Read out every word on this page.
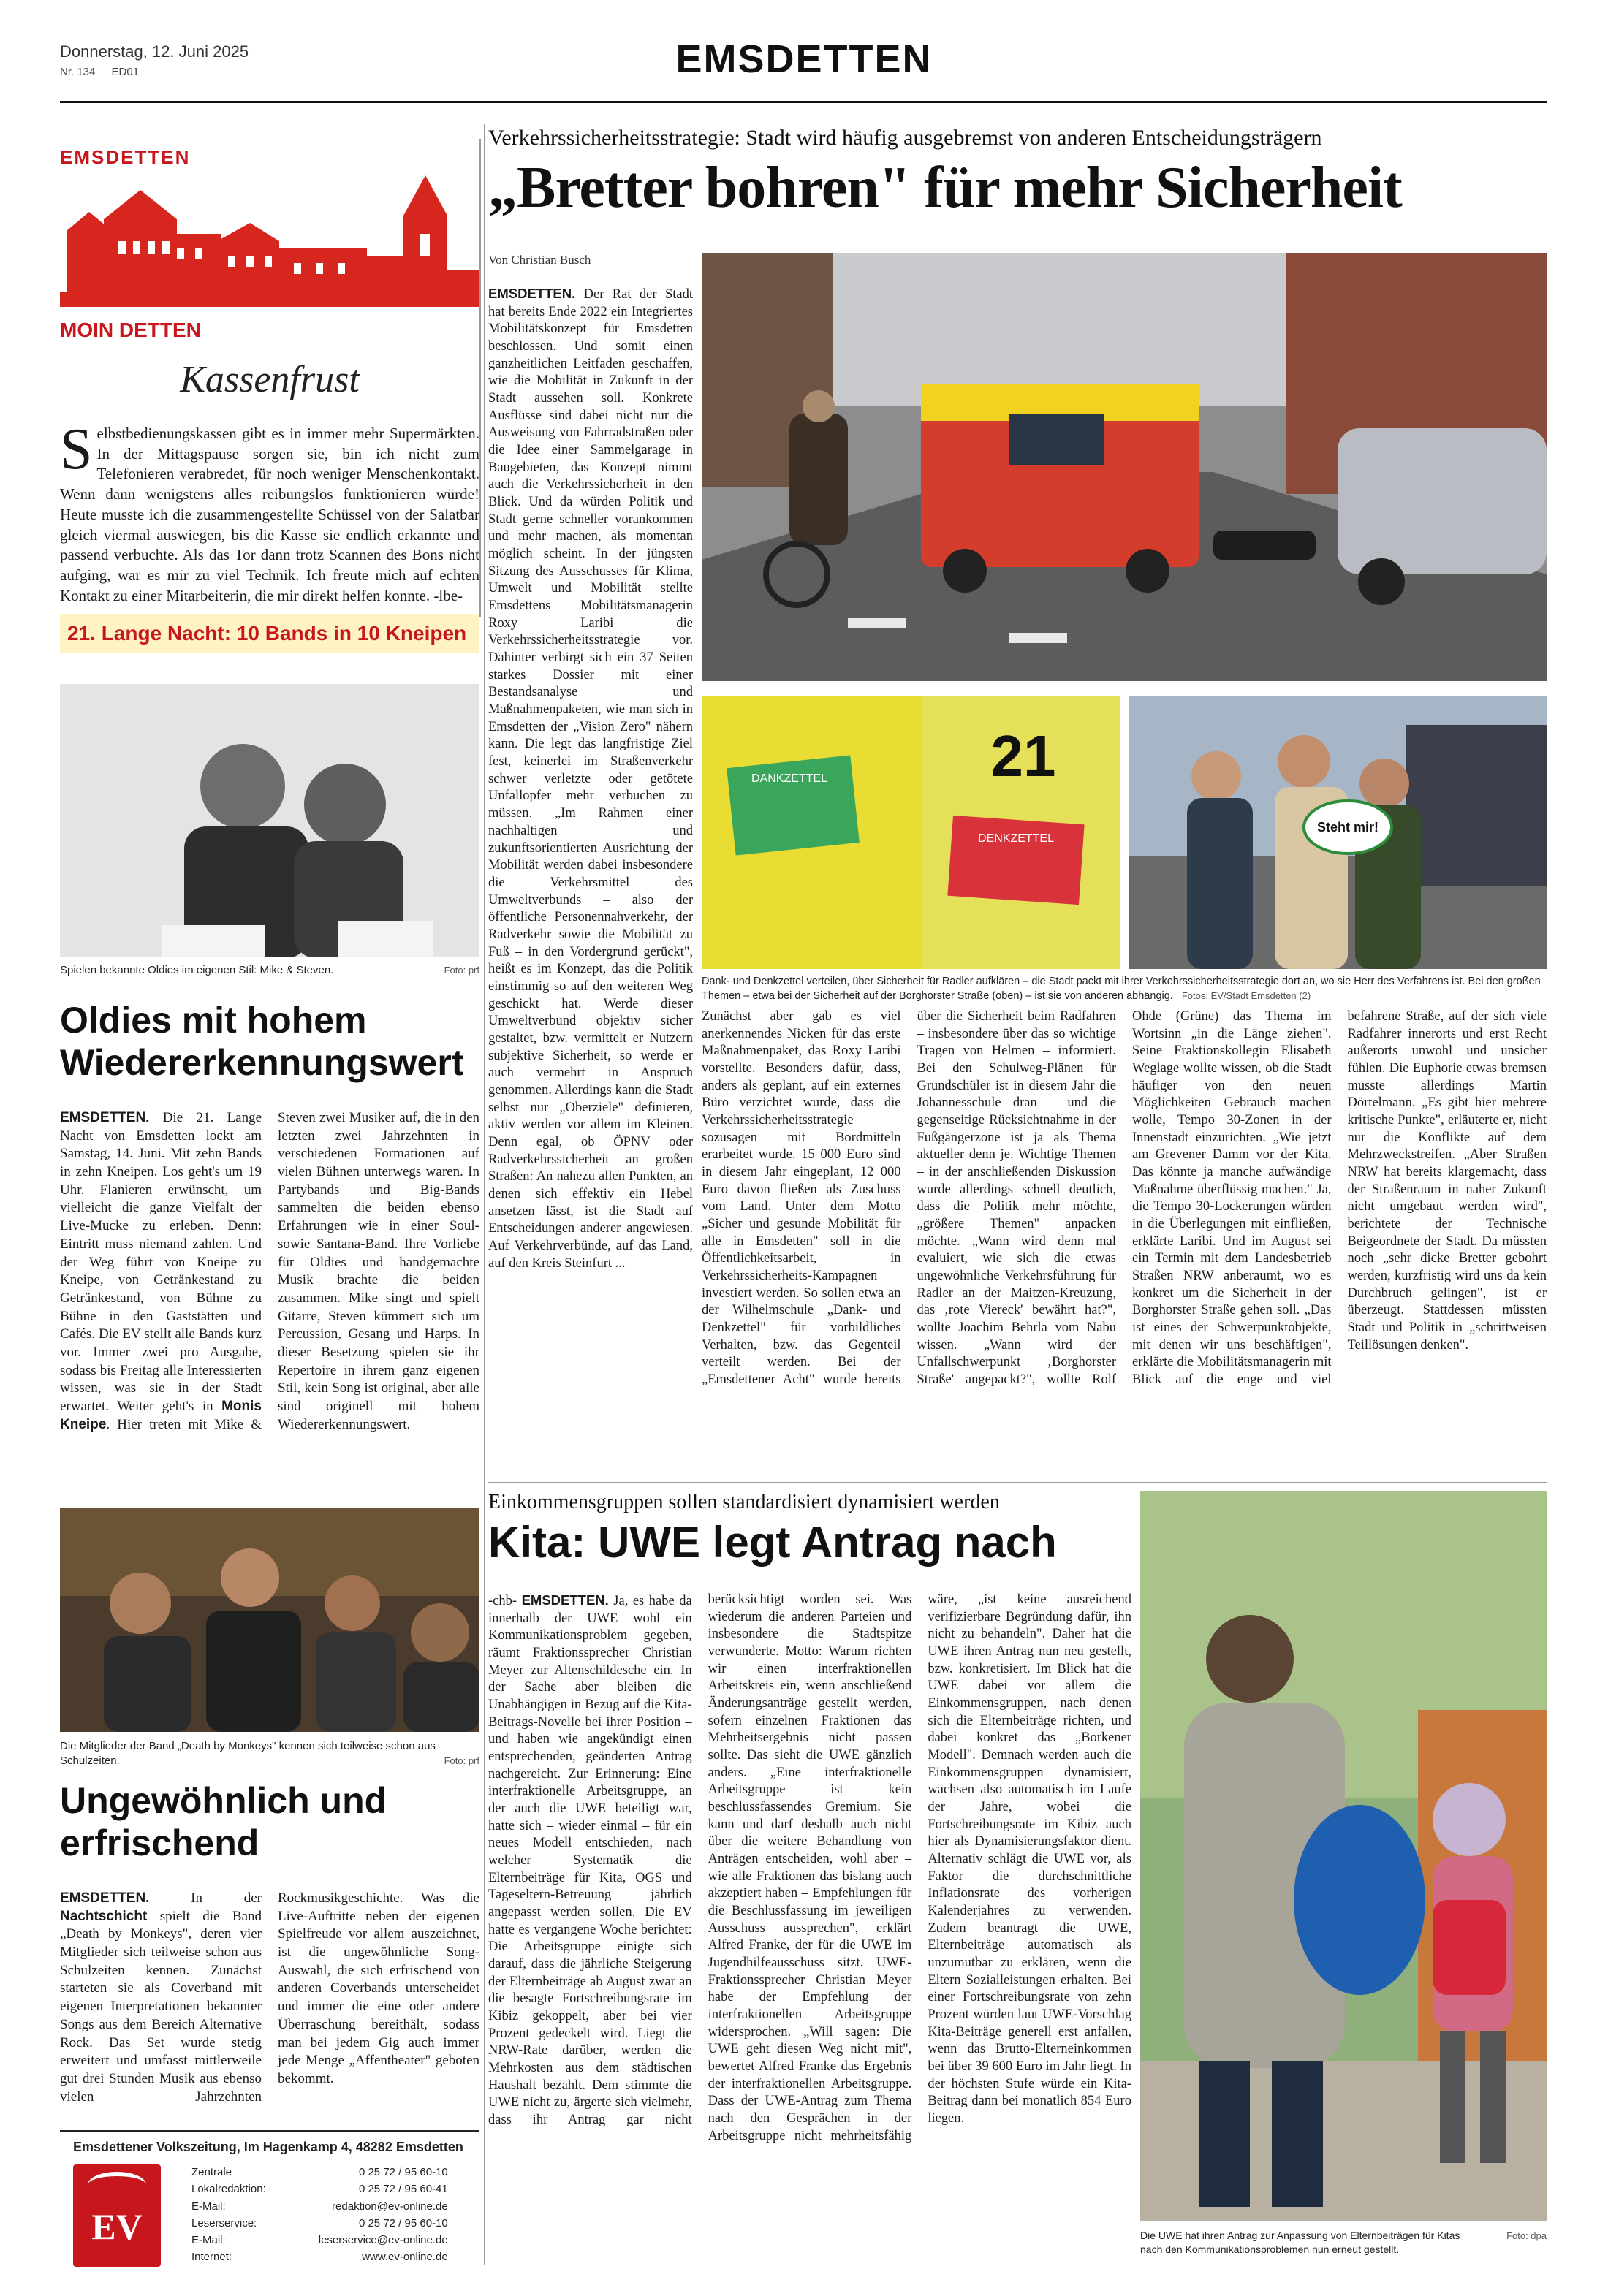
Donnerstag, 12. Juni 2025
Nr. 134 ED01	EMSDETTEN
EMSDETTEN
MOIN DETTEN
Kassenfrust
Selbstbedienungskassen gibt es in immer mehr Supermärkten. In der Mittagspause sorgen sie, bin ich nicht zum Telefonieren verabredet, für noch weniger Menschenkontakt. Wenn dann wenigstens alles reibungslos funktionieren würde! Heute musste ich die zusammengestellte Schüssel von der Salatbar gleich viermal auswiegen, bis die Kasse sie endlich erkannte und passend verbuchte. Als das Tor dann trotz Scannen des Bons nicht aufging, war es mir zu viel Technik. Ich freute mich auf echten Kontakt zu einer Mitarbeiterin, die mir direkt helfen konnte. -lbe-
21. Lange Nacht: 10 Bands in 10 Kneipen
Spielen bekannte Oldies im eigenen Stil: Mike & Steven.	Foto: prf
Oldies mit hohem Wiedererkennungswert
EMSDETTEN. Die 21. Lange Nacht von Emsdetten lockt am Samstag, 14. Juni. Mit zehn Bands in zehn Kneipen. Los geht's um 19 Uhr. Flanieren erwünscht, um vielleicht die ganze Vielfalt der Live-Mucke zu erleben. Denn: Eintritt muss niemand zahlen. Und der Weg führt von Kneipe zu Kneipe, von Getränkestand zu Getränkestand, von Bühne zu Bühne in den Gaststätten und Cafés. Die EV stellt alle Bands kurz vor. Immer zwei pro Ausgabe, sodass bis Freitag alle Interessierten wissen, was sie in der Stadt erwartet. Weiter geht's in Monis Kneipe. Hier treten mit Mike & Steven zwei Musiker auf, die in den letzten zwei Jahrzehnten in verschiedenen Formationen auf vielen Bühnen unterwegs waren. In Partybands und Big-Bands sammelten die beiden ebenso Erfahrungen wie in einer Soul- sowie Santana-Band. Ihre Vorliebe für Oldies und handgemachte Musik brachte die beiden zusammen. Mike singt und spielt Gitarre, Steven kümmert sich um Percussion, Gesang und Harps. In dieser Besetzung spielen sie ihr Repertoire in ihrem ganz eigenen Stil, kein Song ist original, aber alle sind originell mit hohem Wiedererkennungswert.
Die Mitglieder der Band „Death by Monkeys" kennen sich teilweise schon aus Schulzeiten.	Foto: prf
Ungewöhnlich und erfrischend
EMSDETTEN. In der Nachtschicht spielt die Band „Death by Monkeys", deren vier Mitglieder sich teilweise schon aus Schulzeiten kennen. Zunächst starteten sie als Coverband mit eigenen Interpretationen bekannter Songs aus dem Bereich Alternative Rock. Das Set wurde stetig erweitert und umfasst mittlerweile gut drei Stunden Musik aus ebenso vielen Jahrzehnten Rockmusikgeschichte. Was die Live-Auftritte neben der eigenen Spielfreude vor allem auszeichnet, ist die ungewöhnliche Song-Auswahl, die sich erfrischend von anderen Coverbands unterscheidet und immer die eine oder andere Überraschung bereithält, sodass man bei jedem Gig auch immer jede Menge „Affentheater" geboten bekommt.
Emsdettener Volkszeitung, Im Hagenkamp 4, 48282 Emsdetten
EV
Zentrale	0 25 72 / 95 60-10
Lokalredaktion:	0 25 72 / 95 60-41
E-Mail:	redaktion@ev-online.de
Leserservice:	0 25 72 / 95 60-10
E-Mail:	leserservice@ev-online.de
Internet:	www.ev-online.de
Verkehrssicherheitsstrategie: Stadt wird häufig ausgebremst von anderen Entscheidungsträgern
„Bretter bohren" für mehr Sicherheit
Von Christian Busch
EMSDETTEN. Der Rat der Stadt hat bereits Ende 2022 ein Integriertes Mobilitätskonzept für Emsdetten beschlossen. Und somit einen ganzheitlichen Leitfaden geschaffen, wie die Mobilität in Zukunft in der Stadt aussehen soll. Konkrete Ausflüsse sind dabei nicht nur die Ausweisung von Fahrradstraßen oder die Idee einer Sammelgarage in Baugebieten, das Konzept nimmt auch die Verkehrssicherheit in den Blick. Und da würden Politik und Stadt gerne schneller vorankommen und mehr machen, als momentan möglich scheint. In der jüngsten Sitzung des Ausschusses für Klima, Umwelt und Mobilität stellte Emsdettens Mobilitätsmanagerin Roxy Laribi die Verkehrssicherheitsstrategie vor. Dahinter verbirgt sich ein 37 Seiten starkes Dossier mit einer Bestandsanalyse und Maßnahmenpaketen, wie man sich in Emsdetten der „Vision Zero" nähern kann. Die legt das langfristige Ziel fest, keinerlei im Straßenverkehr schwer verletzte oder getötete Unfallopfer mehr verbuchen zu müssen. „Im Rahmen einer nachhaltigen und zukunftsorientierten Ausrichtung der Mobilität werden dabei insbesondere die Verkehrsmittel des Umweltverbunds – also der öffentliche Personennahverkehr, der Radverkehr sowie die Mobilität zu Fuß – in den Vordergrund gerückt", heißt es im Konzept, das die Politik einstimmig so auf den weiteren Weg geschickt hat. Werde dieser Umweltverbund objektiv sicher gestaltet, bzw. vermittelt er Nutzern subjektive Sicherheit, so werde er auch vermehrt in Anspruch genommen. Allerdings kann die Stadt selbst nur „Oberziele" definieren, aktiv werden vor allem im Kleinen. Denn egal, ob ÖPNV oder Radverkehrssicherheit an großen Straßen: An nahezu allen Punkten, an denen sich effektiv ein Hebel ansetzen lässt, ist die Stadt auf Entscheidungen anderer angewiesen. Auf Verkehrverbünde, auf das Land, auf den Kreis Steinfurt ...
DANKZETTEL
DENKZETTEL
21
Steht mir!
Dank- und Denkzettel verteilen, über Sicherheit für Radler aufklären – die Stadt packt mit ihrer Verkehrssicherheitsstrategie dort an, wo sie Herr des Verfahrens ist. Bei den großen Themen – etwa bei der Sicherheit auf der Borghorster Straße (oben) – ist sie von anderen abhängig. Fotos: EV/Stadt Emsdetten (2)
Zunächst aber gab es viel anerkennendes Nicken für das erste Maßnahmenpaket, das Roxy Laribi vorstellte. Besonders dafür, dass, anders als geplant, auf ein externes Büro verzichtet wurde, dass die Verkehrssicherheitsstrategie sozusagen mit Bordmitteln erarbeitet wurde. 15 000 Euro sind in diesem Jahr eingeplant, 12 000 Euro davon fließen als Zuschuss vom Land. Unter dem Motto „Sicher und gesunde Mobilität für alle in Emsdetten" soll in die Öffentlichkeitsarbeit, in Verkehrssicherheits-Kampagnen investiert werden. So sollen etwa an der Wilhelmschule „Dank- und Denkzettel" für vorbildliches Verhalten, bzw. das Gegenteil verteilt werden. Bei der „Emsdettener Acht" wurde bereits über die Sicherheit beim Radfahren – insbesondere über das so wichtige Tragen von Helmen – informiert. Bei den Schulweg-Plänen für Grundschüler ist in diesem Jahr die Johannesschule dran – und die gegenseitige Rücksichtnahme in der Fußgängerzone ist ja als Thema aktueller denn je. Wichtige Themen – in der anschließenden Diskussion wurde allerdings schnell deutlich, dass die Politik mehr möchte, „größere Themen" anpacken möchte. „Wann wird denn mal evaluiert, wie sich die etwas ungewöhnliche Verkehrsführung für Radler an der Maitzen-Kreuzung, das ‚rote Viereck' bewährt hat?", wollte Joachim Behrla vom Nabu wissen. „Wann wird der Unfallschwerpunkt ‚Borghorster Straße' angepackt?", wollte Rolf Ohde (Grüne) das Thema im Wortsinn „in die Länge ziehen". Seine Fraktionskollegin Elisabeth Weglage wollte wissen, ob die Stadt häufiger von den neuen Möglichkeiten Gebrauch machen wolle, Tempo 30-Zonen in der Innenstadt einzurichten. „Wie jetzt am Grevener Damm vor der Kita. Das könnte ja manche aufwändige Maßnahme überflüssig machen." Ja, die Tempo 30-Lockerungen würden in die Überlegungen mit einfließen, erklärte Laribi. Und im August sei ein Termin mit dem Landesbetrieb Straßen NRW anberaumt, wo es konkret um die Sicherheit in der Borghorster Straße gehen soll. „Das ist eines der Schwerpunktobjekte, mit denen wir uns beschäftigen", erklärte die Mobilitätsmanagerin mit Blick auf die enge und viel befahrene Straße, auf der sich viele Radfahrer innerorts und erst Recht außerorts unwohl und unsicher fühlen. Die Euphorie etwas bremsen musste allerdings Martin Dörtelmann. „Es gibt hier mehrere kritische Punkte", erläuterte er, nicht nur die Konflikte auf dem Mehrzweckstreifen. „Aber Straßen NRW hat bereits klargemacht, dass der Straßenraum in naher Zukunft nicht umgebaut werden wird", berichtete der Technische Beigeordnete der Stadt. Da müssten noch „sehr dicke Bretter gebohrt werden, kurzfristig wird uns da kein Durchbruch gelingen", ist er überzeugt. Stattdessen müssten Stadt und Politik in „schrittweisen Teillösungen denken".
Einkommensgruppen sollen standardisiert dynamisiert werden
Kita: UWE legt Antrag nach
-chb- EMSDETTEN. Ja, es habe da innerhalb der UWE wohl ein Kommunikationsproblem gegeben, räumt Fraktionssprecher Christian Meyer zur Altenschildesche ein. In der Sache aber bleiben die Unabhängigen in Bezug auf die Kita-Beitrags-Novelle bei ihrer Position – und haben wie angekündigt einen entsprechenden, geänderten Antrag nachgereicht. Zur Erinnerung: Eine interfraktionelle Arbeitsgruppe, an der auch die UWE beteiligt war, hatte sich – wieder einmal – für ein neues Modell entschieden, nach welcher Systematik die Elternbeiträge für Kita, OGS und Tageseltern-Betreuung jährlich angepasst werden sollen. Die EV hatte es vergangene Woche berichtet: Die Arbeitsgruppe einigte sich darauf, dass die jährliche Steigerung der Elternbeiträge ab August zwar an die besagte Fortschreibungsrate im Kibiz gekoppelt, aber bei vier Prozent gedeckelt wird. Liegt die NRW-Rate darüber, werden die Mehrkosten aus dem städtischen Haushalt bezahlt. Dem stimmte die UWE nicht zu, ärgerte sich vielmehr, dass ihr Antrag gar nicht berücksichtigt worden sei. Was wiederum die anderen Parteien und insbesondere die Stadtspitze verwunderte. Motto: Warum richten wir einen interfraktionellen Arbeitskreis ein, wenn anschließend Änderungsanträge gestellt werden, sofern einzelnen Fraktionen das Mehrheitsergebnis nicht passen sollte. Das sieht die UWE gänzlich anders. „Eine interfraktionelle Arbeitsgruppe ist kein beschlussfassendes Gremium. Sie kann und darf deshalb auch nicht über die weitere Behandlung von Anträgen entscheiden, wohl aber – wie alle Fraktionen das bislang auch akzeptiert haben – Empfehlungen für die Beschlussfassung im jeweiligen Ausschuss aussprechen", erklärt Alfred Franke, der für die UWE im Jugendhilfeausschuss sitzt. UWE-Fraktionssprecher Christian Meyer habe der Empfehlung der interfraktionellen Arbeitsgruppe widersprochen. „Will sagen: Die UWE geht diesen Weg nicht mit", bewertet Alfred Franke das Ergebnis der interfraktionellen Arbeitsgruppe. Dass der UWE-Antrag zum Thema nach den Gesprächen in der Arbeitsgruppe nicht mehrheitsfähig wäre, „ist keine ausreichend verifizierbare Begründung dafür, ihn nicht zu behandeln". Daher hat die UWE ihren Antrag nun neu gestellt, bzw. konkretisiert. Im Blick hat die UWE dabei vor allem die Einkommensgruppen, nach denen sich die Elternbeiträge richten, und dabei konkret das „Borkener Modell". Demnach werden auch die Einkommensgruppen dynamisiert, wachsen also automatisch im Laufe der Jahre, wobei die Fortschreibungsrate im Kibiz auch hier als Dynamisierungsfaktor dient. Alternativ schlägt die UWE vor, als Faktor die durchschnittliche Inflationsrate des vorherigen Kalenderjahres zu verwenden. Zudem beantragt die UWE, Elternbeiträge automatisch als unzumutbar zu erklären, wenn die Eltern Sozialleistungen erhalten. Bei einer Fortschreibungsrate von zehn Prozent würden laut UWE-Vorschlag Kita-Beiträge generell erst anfallen, wenn das Brutto-Elterneinkommen bei über 39 600 Euro im Jahr liegt. In der höchsten Stufe würde ein Kita-Beitrag dann bei monatlich 854 Euro liegen.
Die UWE hat ihren Antrag zur Anpassung von Elternbeiträgen für Kitas nach den Kommunikationsproblemen nun erneut gestellt.
Foto: dpa
